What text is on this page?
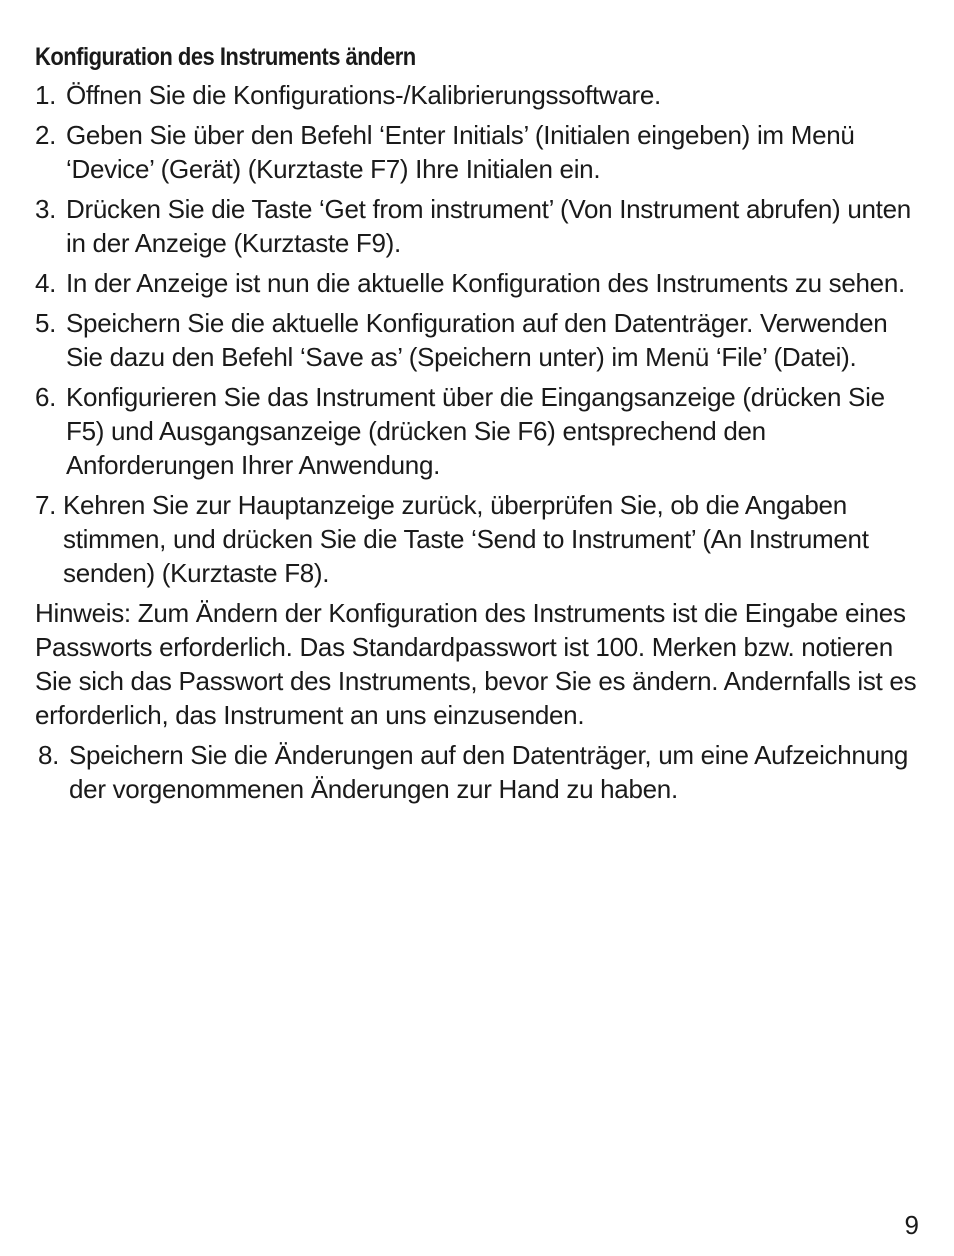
Konfiguration des Instruments ändern
1. Öffnen Sie die Konfigurations-/Kalibrierungssoftware.
2. Geben Sie über den Befehl ‘Enter Initials’ (Initialen eingeben) im Menü ‘Device’ (Gerät) (Kurztaste F7) Ihre Initialen ein.
3. Drücken Sie die Taste ‘Get from instrument’ (Von Instrument abrufen) unten in der Anzeige (Kurztaste F9).
4. In der Anzeige ist nun die aktuelle Konfiguration des Instruments zu sehen.
5. Speichern Sie die aktuelle Konfiguration auf den Datenträger. Verwenden Sie dazu den Befehl ‘Save as’ (Speichern unter) im Menü ‘File’ (Datei).
6. Konfigurieren Sie das Instrument über die Eingangsanzeige (drücken Sie F5) und Ausgangsanzeige (drücken Sie F6) entsprechend den Anforderungen Ihrer Anwendung.
7. Kehren Sie zur Hauptanzeige zurück, überprüfen Sie, ob die Angaben stimmen, und drücken Sie die Taste ‘Send to Instrument’ (An Instrument senden) (Kurztaste F8).
Hinweis: Zum Ändern der Konfiguration des Instruments ist die Eingabe eines Passworts erforderlich. Das Standardpasswort ist 100. Merken bzw. notieren Sie sich das Passwort des Instruments, bevor Sie es ändern. Andernfalls ist es erforderlich, das Instrument an uns einzusenden.
8. Speichern Sie die Änderungen auf den Datenträger, um eine Aufzeichnung der vorgenommenen Änderungen zur Hand zu haben.
9
